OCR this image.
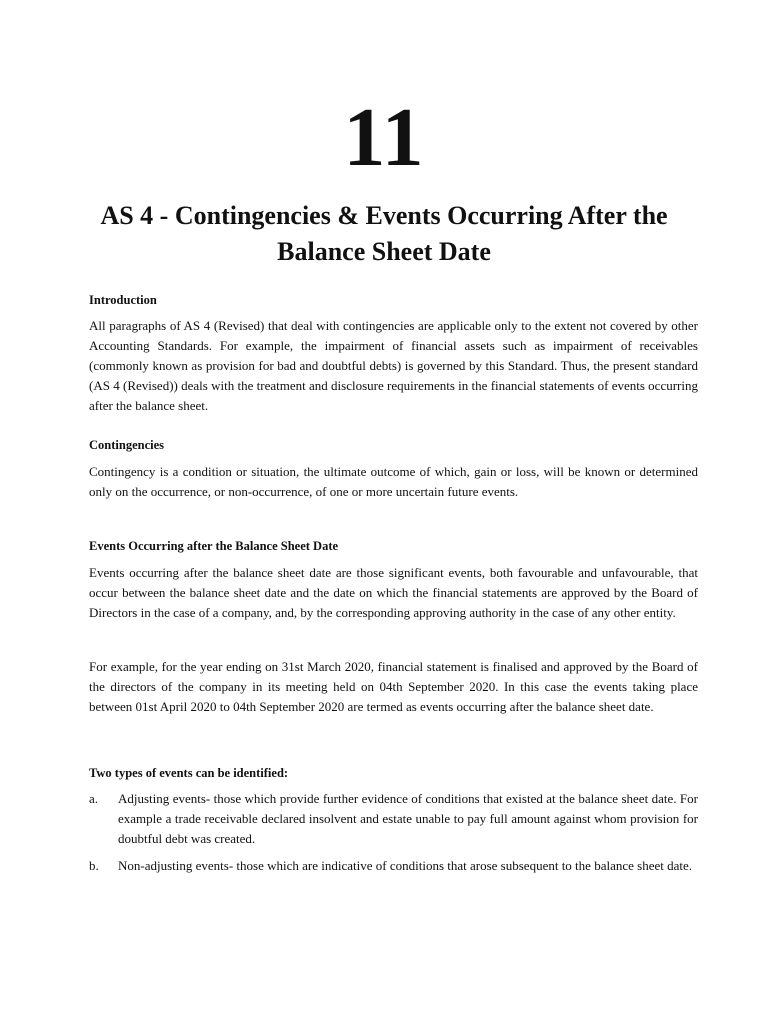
11
AS 4 - Contingencies & Events Occurring After the Balance Sheet Date
Introduction
All paragraphs of AS 4 (Revised) that deal with contingencies are applicable only to the extent not covered by other Accounting Standards. For example, the impairment of financial assets such as impairment of receivables (commonly known as provision for bad and doubtful debts) is governed by this Standard. Thus, the present standard (AS 4 (Revised)) deals with the treatment and disclosure requirements in the financial statements of events occurring after the balance sheet.
Contingencies
Contingency is a condition or situation, the ultimate outcome of which, gain or loss, will be known or determined only on the occurrence, or non-occurrence, of one or more uncertain future events.
Events Occurring after the Balance Sheet Date
Events occurring after the balance sheet date are those significant events, both favourable and unfavourable, that occur between the balance sheet date and the date on which the financial statements are approved by the Board of Directors in the case of a company, and, by the corresponding approving authority in the case of any other entity.
For example, for the year ending on 31st March 2020, financial statement is finalised and approved by the Board of the directors of the company in its meeting held on 04th September 2020. In this case the events taking place between 01st April 2020 to 04th September 2020 are termed as events occurring after the balance sheet date.
Two types of events can be identified:
a. Adjusting events- those which provide further evidence of conditions that existed at the balance sheet date. For example a trade receivable declared insolvent and estate unable to pay full amount against whom provision for doubtful debt was created.
b. Non-adjusting events- those which are indicative of conditions that arose subsequent to the balance sheet date.
